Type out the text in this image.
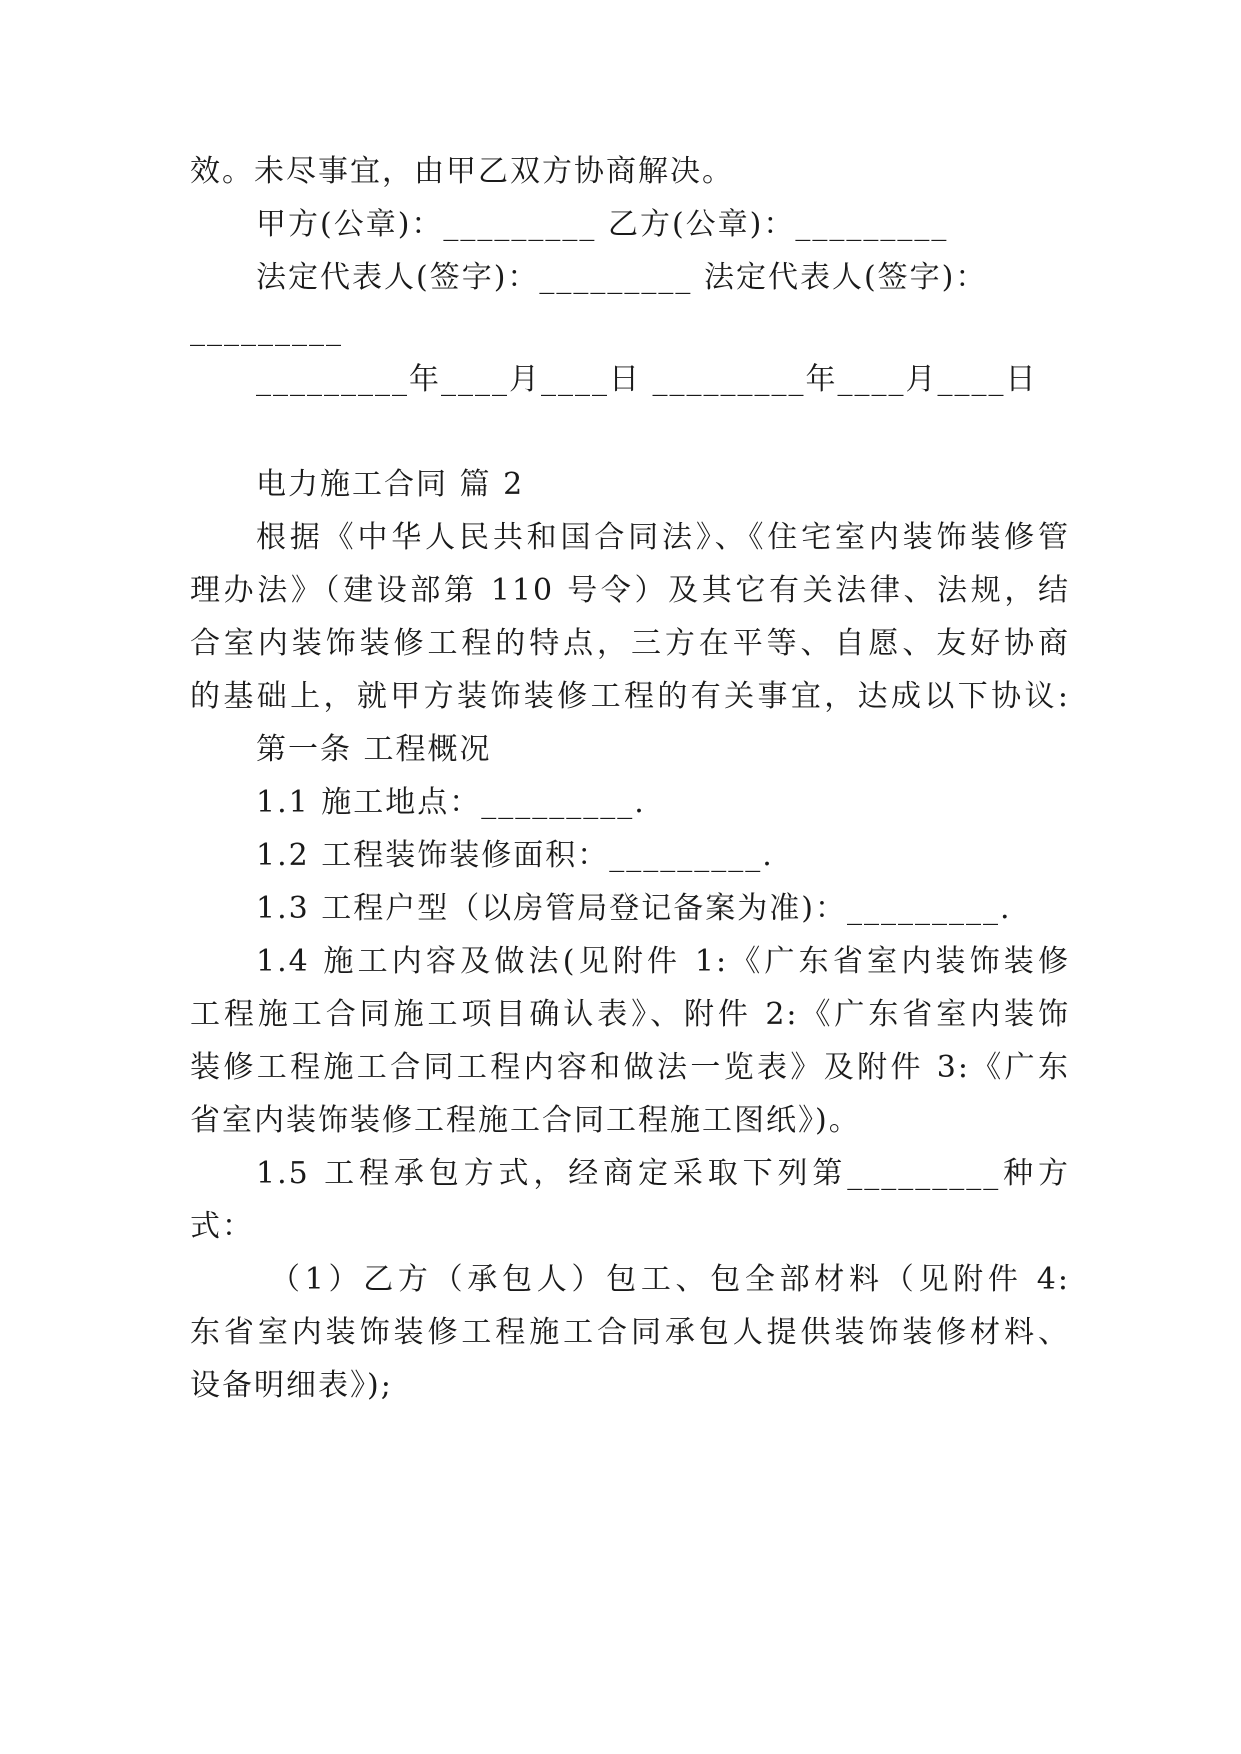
效。未尽事宜，由甲乙双方协商解决。
甲方(公章)：_________ 乙方(公章)：_________
法定代表人(签字)：_________ 法定代表人(签字)：
_________
_________年____月____日 _________年____月____日
电力施工合同 篇 2
根据《中华人民共和国合同法》、《住宅室内装饰装修管
理办法》（建设部第 110 号令）及其它有关法律、法规，结
合室内装饰装修工程的特点，三方在平等、自愿、友好协商
的基础上，就甲方装饰装修工程的有关事宜，达成以下协议:
第一条 工程概况
1.1 施工地点：_________.
1.2 工程装饰装修面积：_________.
1.3 工程户型（以房管局登记备案为准)：_________.
1.4 施工内容及做法(见附件 1:《广东省室内装饰装修
工程施工合同施工项目确认表》、附件 2:《广东省室内装饰
装修工程施工合同工程内容和做法一览表》及附件 3:《广东
省室内装饰装修工程施工合同工程施工图纸》)。
1.5 工程承包方式，经商定采取下列第_________种方
式：
（1）乙方（承包人）包工、包全部材料（见附件 4:
东省室内装饰装修工程施工合同承包人提供装饰装修材料、
设备明细表》);
